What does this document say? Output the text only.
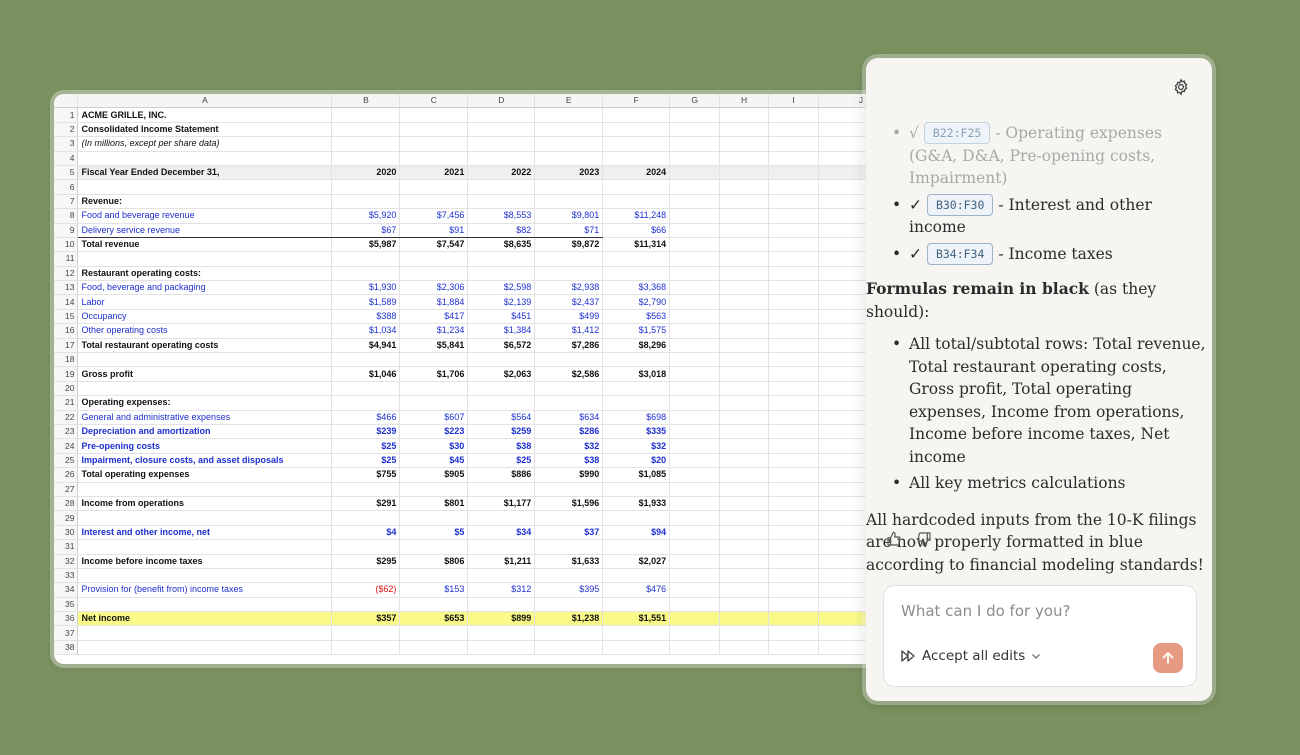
	A	B	C	D	E	F	G	H	I	J
1	ACME GRILLE, INC.									
2	Consolidated Income Statement									
3	(In millions, except per share data)									
4										
5	Fiscal Year Ended December 31,	2020	2021	2022	2023	2024				
6										
7	Revenue:									
8	Food and beverage revenue	$5,920	$7,456	$8,553	$9,801	$11,248				
9	Delivery service revenue	$67	$91	$82	$71	$66				
10	Total revenue	$5,987	$7,547	$8,635	$9,872	$11,314				
11										
12	Restaurant operating costs:									
13	Food, beverage and packaging	$1,930	$2,306	$2,598	$2,938	$3,368				
14	Labor	$1,589	$1,884	$2,139	$2,437	$2,790				
15	Occupancy	$388	$417	$451	$499	$563				
16	Other operating costs	$1,034	$1,234	$1,384	$1,412	$1,575				
17	Total restaurant operating costs	$4,941	$5,841	$6,572	$7,286	$8,296				
18										
19	Gross profit	$1,046	$1,706	$2,063	$2,586	$3,018				
20										
21	Operating expenses:									
22	General and administrative expenses	$466	$607	$564	$634	$698				
23	Depreciation and amortization	$239	$223	$259	$286	$335				
24	Pre-opening costs	$25	$30	$38	$32	$32				
25	Impairment, closure costs, and asset disposals	$25	$45	$25	$38	$20				
26	Total operating expenses	$755	$905	$886	$990	$1,085				
27										
28	Income from operations	$291	$801	$1,177	$1,596	$1,933				
29										
30	Interest and other income, net	$4	$5	$34	$37	$94				
31										
32	Income before income taxes	$295	$806	$1,211	$1,633	$2,027				
33										
34	Provision for (benefit from) income taxes	($62)	$153	$312	$395	$476				
35										
36	Net income	$357	$653	$899	$1,238	$1,551				
37										
38										
• √ B22:F25 - Operating expenses (G&A, D&A, Pre-opening costs, Impairment)
• ✓ B30:F30 - Interest and other income
• ✓ B34:F34 - Income taxes
Formulas remain in black (as they should):
• All total/subtotal rows: Total revenue, Total restaurant operating costs, Gross profit, Total operating expenses, Income from operations, Income before income taxes, Net income
• All key metrics calculations
All hardcoded inputs from the 10-K filings are now properly formatted in blue according to financial modeling standards!
What can I do for you?
Accept all edits
